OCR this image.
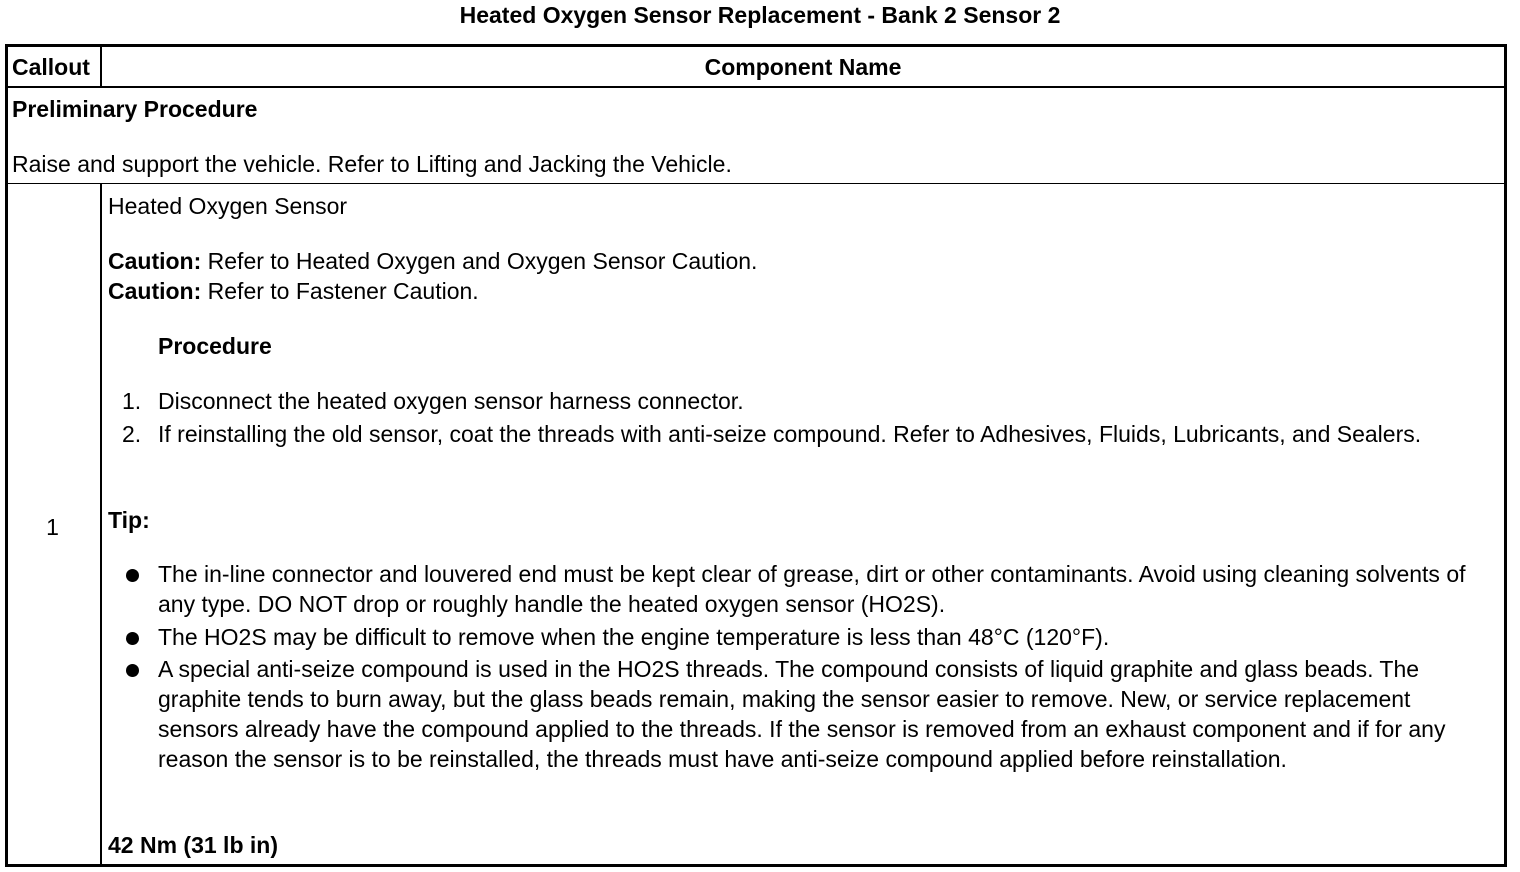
Heated Oxygen Sensor Replacement - Bank 2 Sensor 2
Callout	Component Name
Preliminary Procedure
Raise and support the vehicle. Refer to Lifting and Jacking the Vehicle.
1
Heated Oxygen Sensor
Caution: Refer to Heated Oxygen and Oxygen Sensor Caution.
Caution: Refer to Fastener Caution.
Procedure
1. Disconnect the heated oxygen sensor harness connector.
2. If reinstalling the old sensor, coat the threads with anti-seize compound. Refer to Adhesives, Fluids, Lubricants, and Sealers.
Tip:
The in-line connector and louvered end must be kept clear of grease, dirt or other contaminants. Avoid using cleaning solvents of any type. DO NOT drop or roughly handle the heated oxygen sensor (HO2S).
The HO2S may be difficult to remove when the engine temperature is less than 48°C (120°F).
A special anti-seize compound is used in the HO2S threads. The compound consists of liquid graphite and glass beads. The graphite tends to burn away, but the glass beads remain, making the sensor easier to remove. New, or service replacement sensors already have the compound applied to the threads. If the sensor is removed from an exhaust component and if for any reason the sensor is to be reinstalled, the threads must have anti-seize compound applied before reinstallation.
42 Nm (31 lb in)
